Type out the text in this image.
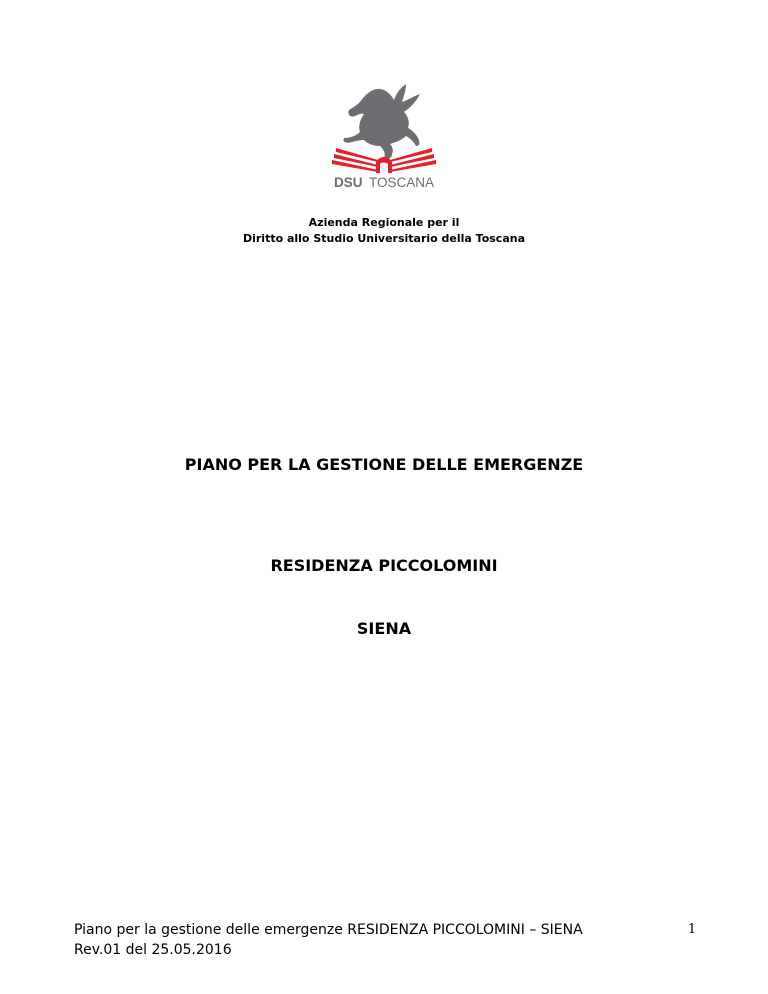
DSU TOSCANA
Azienda Regionale per il
Diritto allo Studio Universitario della Toscana
PIANO PER LA GESTIONE DELLE EMERGENZE
RESIDENZA PICCOLOMINI
SIENA
Piano per la gestione delle emergenze RESIDENZA PICCOLOMINI – SIENA
Rev.01 del 25.05.2016
1
